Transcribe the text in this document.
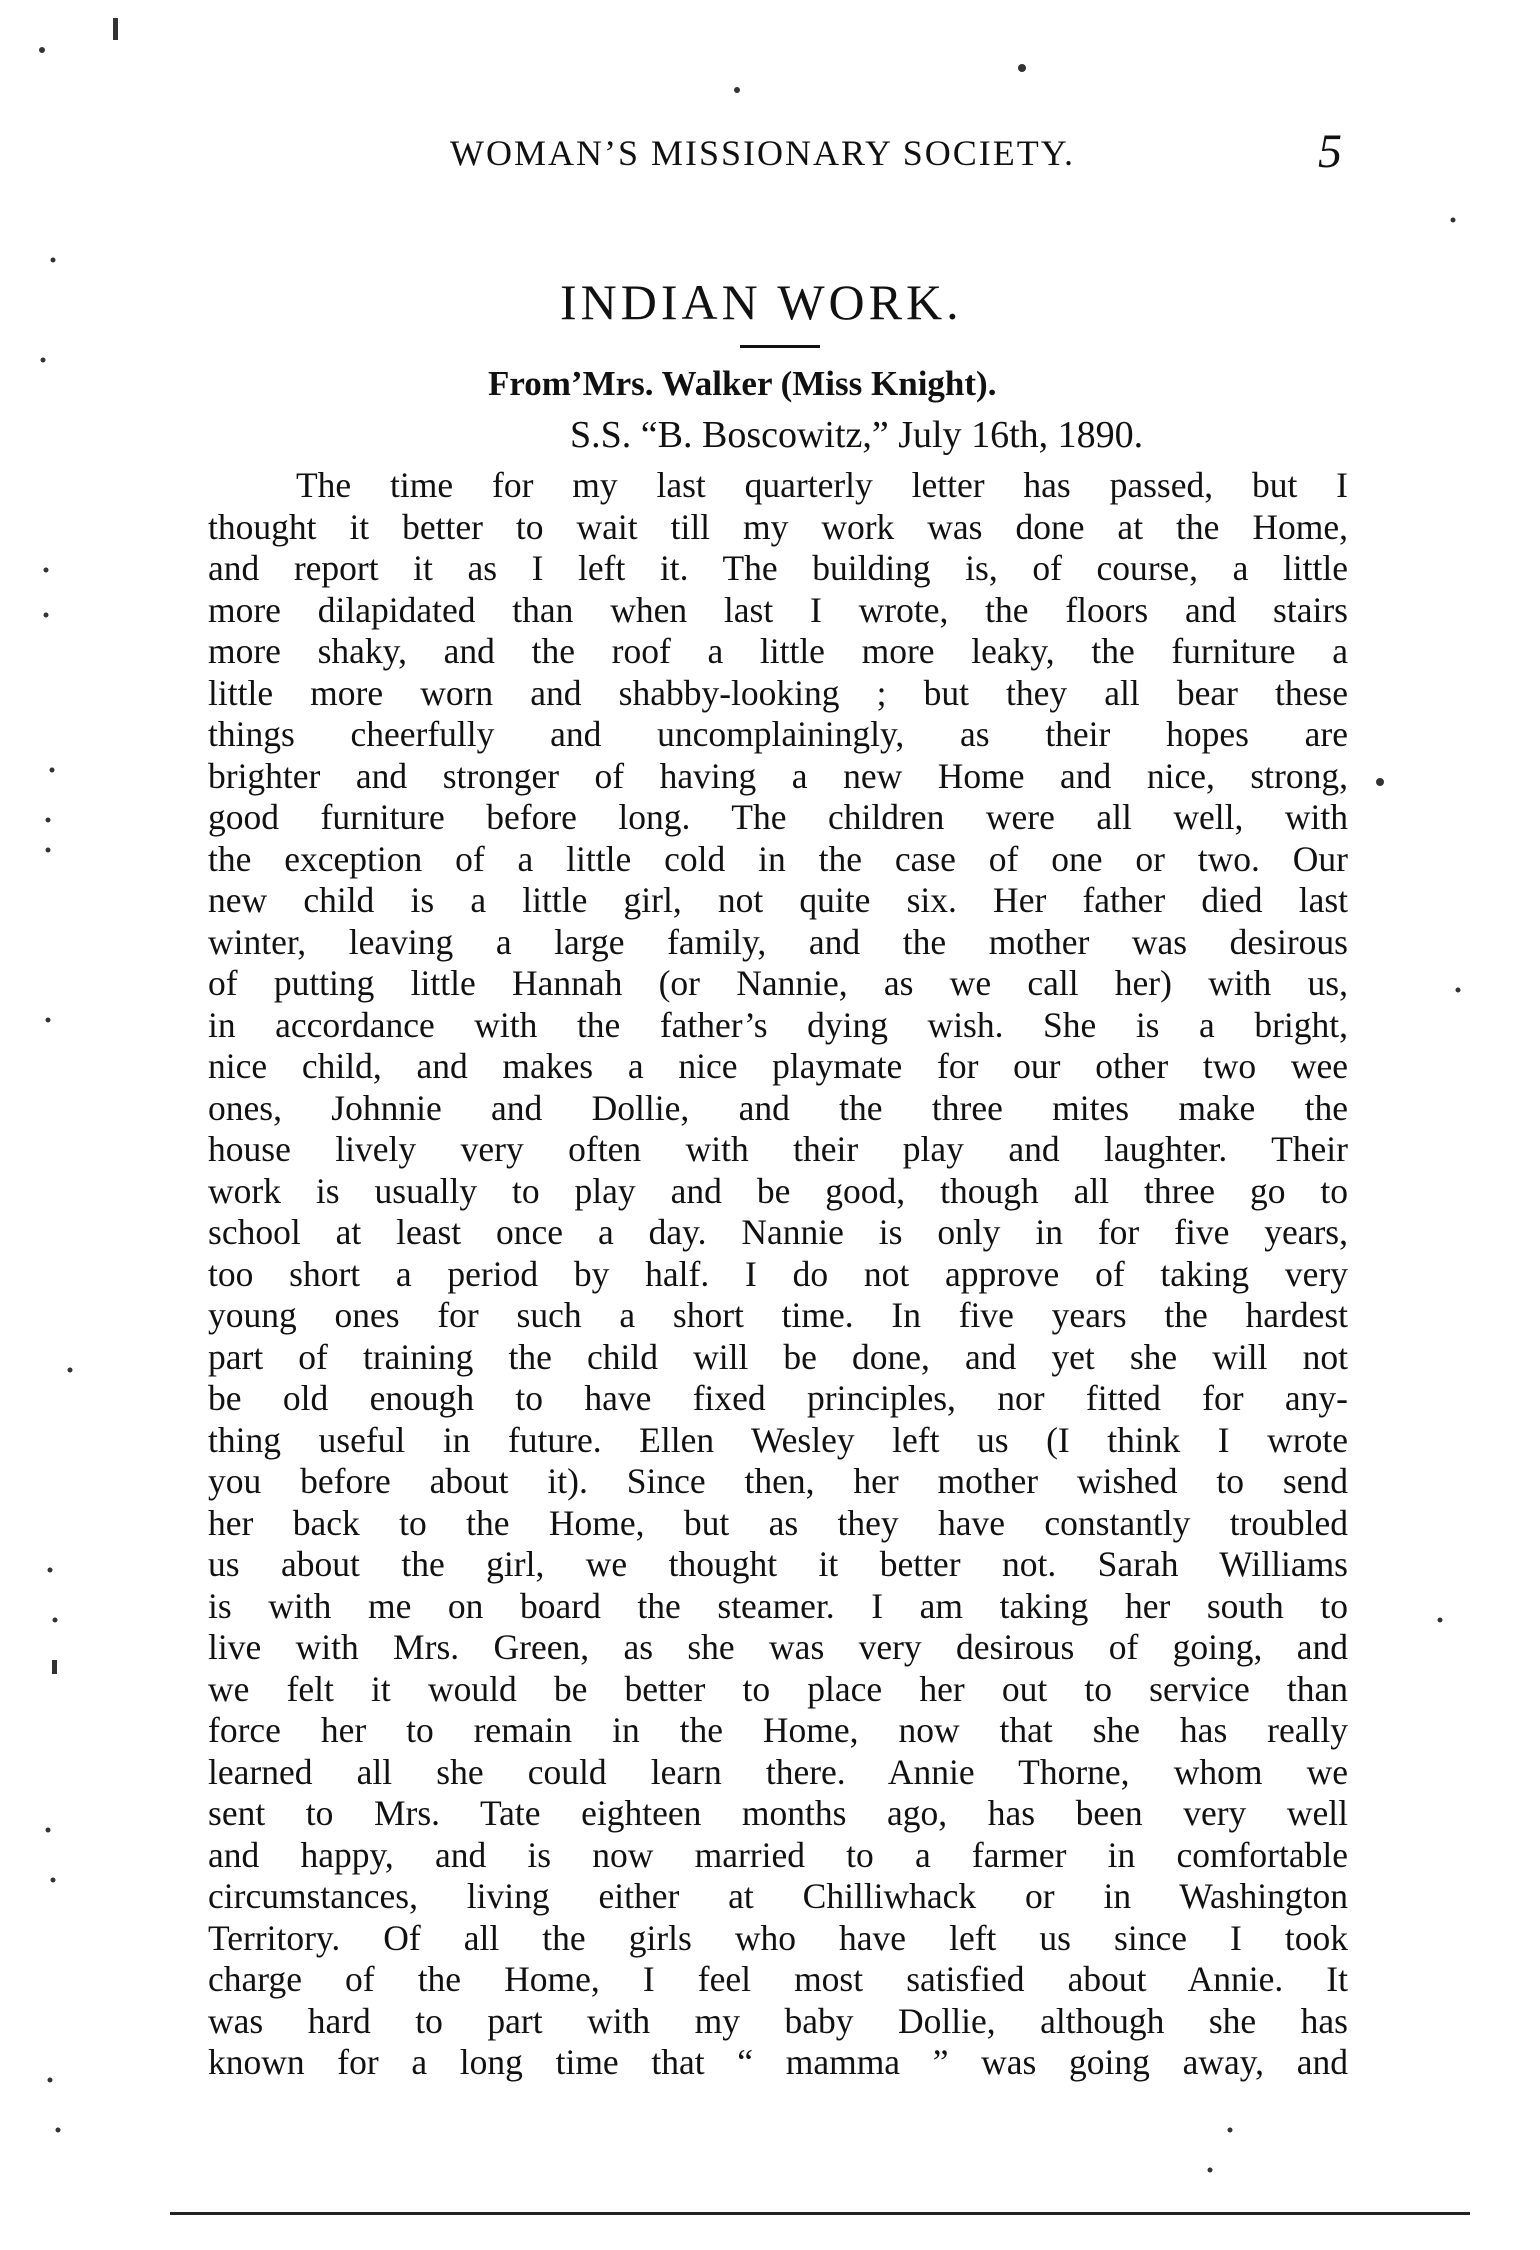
WOMAN’S MISSIONARY SOCIETY.	5
INDIAN WORK.
From’Mrs. Walker (Miss Knight).
S.S. “B. Boscowitz,” July 16th, 1890.
The time for my last quarterly letter has passed, but I
thought it better to wait till my work was done at the Home,
and report it as I left it. The building is, of course, a little
more dilapidated than when last I wrote, the floors and stairs
more shaky, and the roof a little more leaky, the furniture a
little more worn and shabby-looking ; but they all bear these
things cheerfully and uncomplainingly, as their hopes are
brighter and stronger of having a new Home and nice, strong,
good furniture before long. The children were all well, with
the exception of a little cold in the case of one or two. Our
new child is a little girl, not quite six. Her father died last
winter, leaving a large family, and the mother was desirous
of putting little Hannah (or Nannie, as we call her) with us,
in accordance with the father’s dying wish. She is a bright,
nice child, and makes a nice playmate for our other two wee
ones, Johnnie and Dollie, and the three mites make the
house lively very often with their play and laughter. Their
work is usually to play and be good, though all three go to
school at least once a day. Nannie is only in for five years,
too short a period by half. I do not approve of taking very
young ones for such a short time. In five years the hardest
part of training the child will be done, and yet she will not
be old enough to have fixed principles, nor fitted for any-
thing useful in future. Ellen Wesley left us (I think I wrote
you before about it). Since then, her mother wished to send
her back to the Home, but as they have constantly troubled
us about the girl, we thought it better not. Sarah Williams
is with me on board the steamer. I am taking her south to
live with Mrs. Green, as she was very desirous of going, and
we felt it would be better to place her out to service than
force her to remain in the Home, now that she has really
learned all she could learn there. Annie Thorne, whom we
sent to Mrs. Tate eighteen months ago, has been very well
and happy, and is now married to a farmer in comfortable
circumstances, living either at Chilliwhack or in Washington
Territory. Of all the girls who have left us since I took
charge of the Home, I feel most satisfied about Annie. It
was hard to part with my baby Dollie, although she has
known for a long time that “ mamma ” was going away, and
